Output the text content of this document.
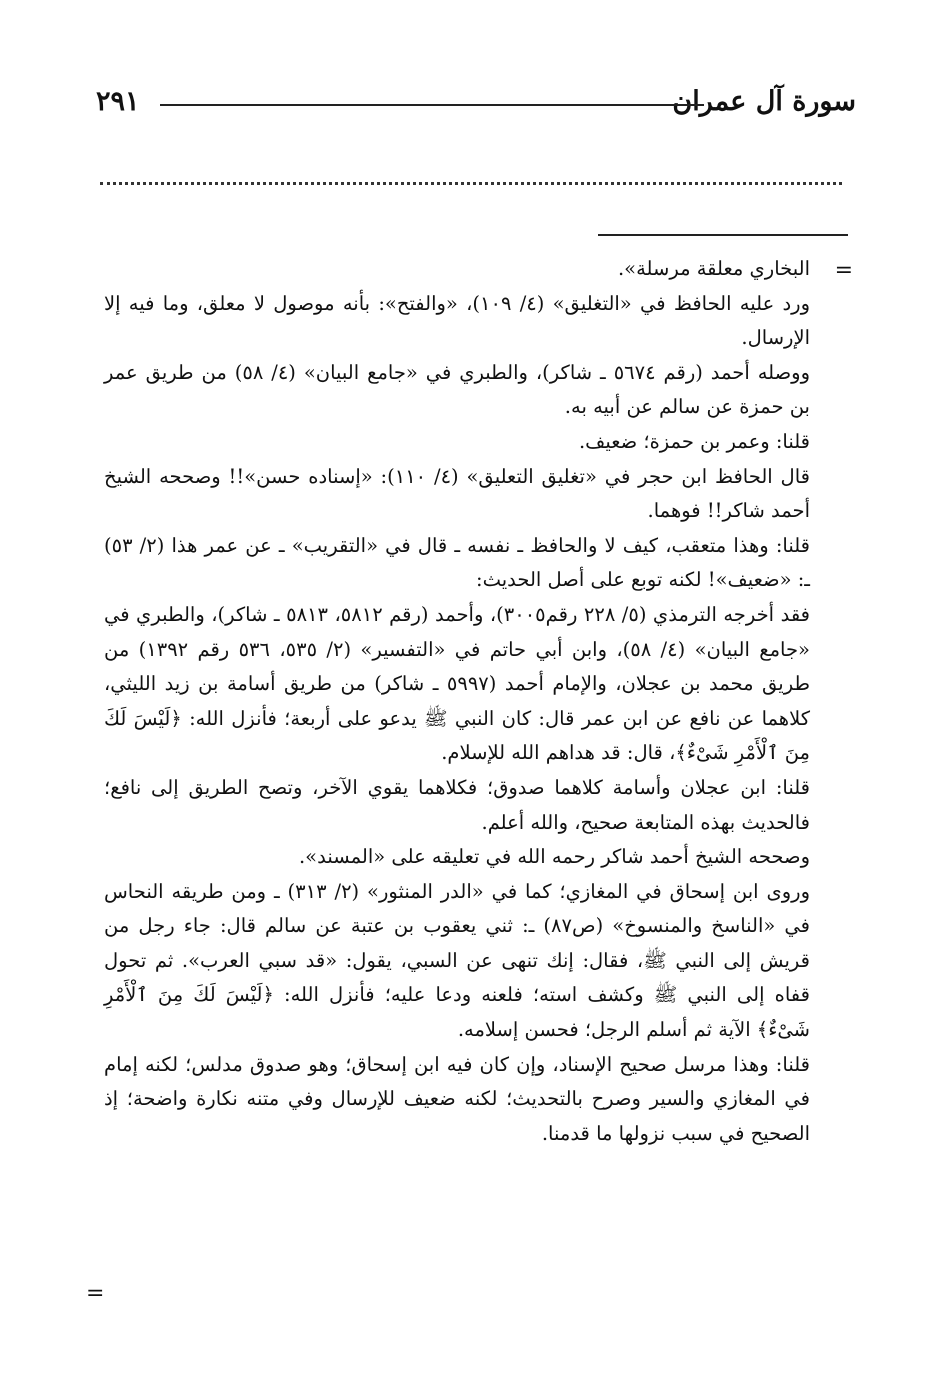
سورة آل عمران
٢٩١
=

البخاري معلقة مرسلة».

ورد عليه الحافظ في «التغليق» (٤/ ١٠٩)، «والفتح»: بأنه موصول لا معلق، وما فيه إلا الإرسال.

ووصله أحمد (رقم ٥٦٧٤ ـ شاكر)، والطبري في «جامع البيان» (٤/ ٥٨) من طريق عمر بن حمزة عن سالم عن أبيه به.

قلنا: وعمر بن حمزة؛ ضعيف.

قال الحافظ ابن حجر في «تغليق التعليق» (٤/ ١١٠): «إسناده حسن»!! وصححه الشيخ أحمد شاكر!! فوهما.

قلنا: وهذا متعقب، كيف لا والحافظ ـ نفسه ـ قال في «التقريب» ـ عن عمر هذا (٢/ ٥٣) ـ: «ضعيف»! لكنه توبع على أصل الحديث:

فقد أخرجه الترمذي (٥/ ٢٢٨ رقم٣٠٠٥)، وأحمد (رقم ٥٨١٢، ٥٨١٣ ـ شاكر)، والطبري في «جامع البيان» (٤/ ٥٨)، وابن أبي حاتم في «التفسير» (٢/ ٥٣٥، ٥٣٦ رقم ١٣٩٢) من طريق محمد بن عجلان، والإمام أحمد (٥٩٩٧ ـ شاكر) من طريق أسامة بن زيد الليثي، كلاهما عن نافع عن ابن عمر قال: كان النبي ﷺ يدعو على أربعة؛ فأنزل الله: ﴿لَيْسَ لَكَ مِنَ ٱلْأَمْرِ شَىْءٌ﴾، قال: قد هداهم الله للإسلام.

قلنا: ابن عجلان وأسامة كلاهما صدوق؛ فكلاهما يقوي الآخر، وتصح الطريق إلى نافع؛ فالحديث بهذه المتابعة صحيح، والله أعلم.

وصححه الشيخ أحمد شاكر رحمه الله في تعليقه على «المسند».

وروى ابن إسحاق في المغازي؛ كما في «الدر المنثور» (٢/ ٣١٣) ـ ومن طريقه النحاس في «الناسخ والمنسوخ» (ص٨٧) ـ: ثني يعقوب بن عتبة عن سالم قال: جاء رجل من قريش إلى النبي ﷺ، فقال: إنك تنهى عن السبي، يقول: «قد سبي العرب». ثم تحول قفاه إلى النبي ﷺ وكشف استه؛ فلعنه ودعا عليه؛ فأنزل الله: ﴿لَيْسَ لَكَ مِنَ ٱلْأَمْرِ شَىْءٌ﴾ الآية ثم أسلم الرجل؛ فحسن إسلامه.

قلنا: وهذا مرسل صحيح الإسناد، وإن كان فيه ابن إسحاق؛ وهو صدوق مدلس؛ لكنه إمام في المغازي والسير وصرح بالتحديث؛ لكنه ضعيف للإرسال وفي متنه نكارة واضحة؛ إذ الصحيح في سبب نزولها ما قدمنا.

=
